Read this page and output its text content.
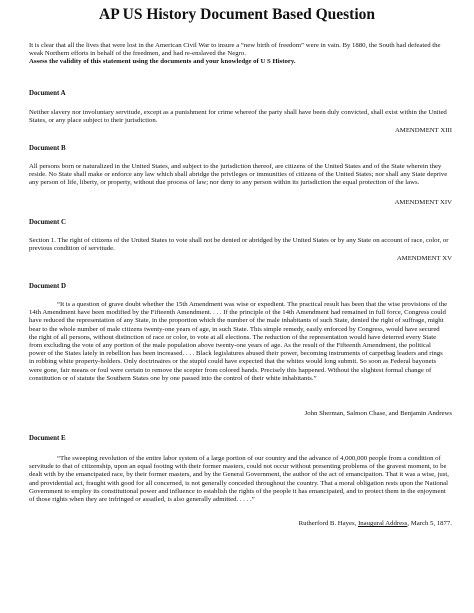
AP US History Document Based Question
It is clear that all the lives that were lost in the American Civil War to insure a “new birth of freedom” were in vain. By 1880, the South had defeated the weak Northern efforts in behalf of the freedmen, and had re-enslaved the Negro.
Assess the validity of this statement using the documents and your knowledge of U S History.
Document A
Neither slavery nor involuntary servitude, except as a punishment for crime whereof the party shall have been duly convicted, shall exist within the United States, or any place subject to their jurisdiction.
AMENDMENT XIII
Document B
All persons born or naturalized in the United States, and subject to the jurisdiction thereof, are citizens of the United States and of the State wherein they reside. No State shall make or enforce any law which shall abridge the privileges or immunities of citizens of the United States; nor shall any State deprive any person of life, liberty, or property, without due process of law; nor deny to any person within its jurisdiction the equal protection of the laws.
AMENDMENT XIV
Document C
Section 1. The right of citizens of the United States to vote shall not be denied or abridged by the United States or by any State on account of race, color, or previous condition of servitude.
AMENDMENT XV
Document D
“It is a question of grave doubt whether the 15th Amendment was wise or expedient. The practical result has been that the wise provisions of the 14th Amendment have been modified by the Fifteenth Amendment. . . . If the principle of the 14th Amendment had remained in full force, Congress could have reduced the representation of any State, in the proportion which the number of the male inhabitants of such State, denied the right of suffrage, might bear to the whole number of male citizens twenty-one years of age, in such State. This simple remedy, easily enforced by Congress, would have secured the right of all persons, without distinction of race or color, to vote at all elections. The reduction of the representation would have deterred every State from excluding the vote of any portion of the male population above twenty-one years of age. As the result of the Fifteenth Amendment, the political power of the States lately in rebellion has been increased. . . . Black legislatures abused their power, becoming instruments of carpetbag leaders and rings in robbing white property-holders. Only doctrinaires or the stupid could have expected that the whites would long submit. So soon as Federal bayonets were gone, fair means or foul were certain to remove the scepter from colored hands. Precisely this happened. Without the slightest formal change of constitution or of statute the Southern States one by one passed into the control of their white inhabitants.”
John Sherman, Salmon Chase, and Benjamin Andrews
Document E
“The sweeping revolution of the entire labor system of a large portion of our country and the advance of 4,000,000 people from a condition of servitude to that of citizenship, upon an equal footing with their former masters, could not occur without presenting problems of the gravest moment, to be dealt with by the emancipated race, by their former masters, and by the General Government, the author of the act of emancipation. That it was a wise, just, and providential act, fraught with good for all concerned, is not generally conceded throughout the country. That a moral obligation rests upon the National Government to employ its constitutional power and influence to establish the rights of the people it has emancipated, and to protect them in the enjoyment of those rights when they are infringed or assailed, is also generally admitted. . . . .”
Rutherford B. Hayes, Inaugural Address, March 5, 1877.
